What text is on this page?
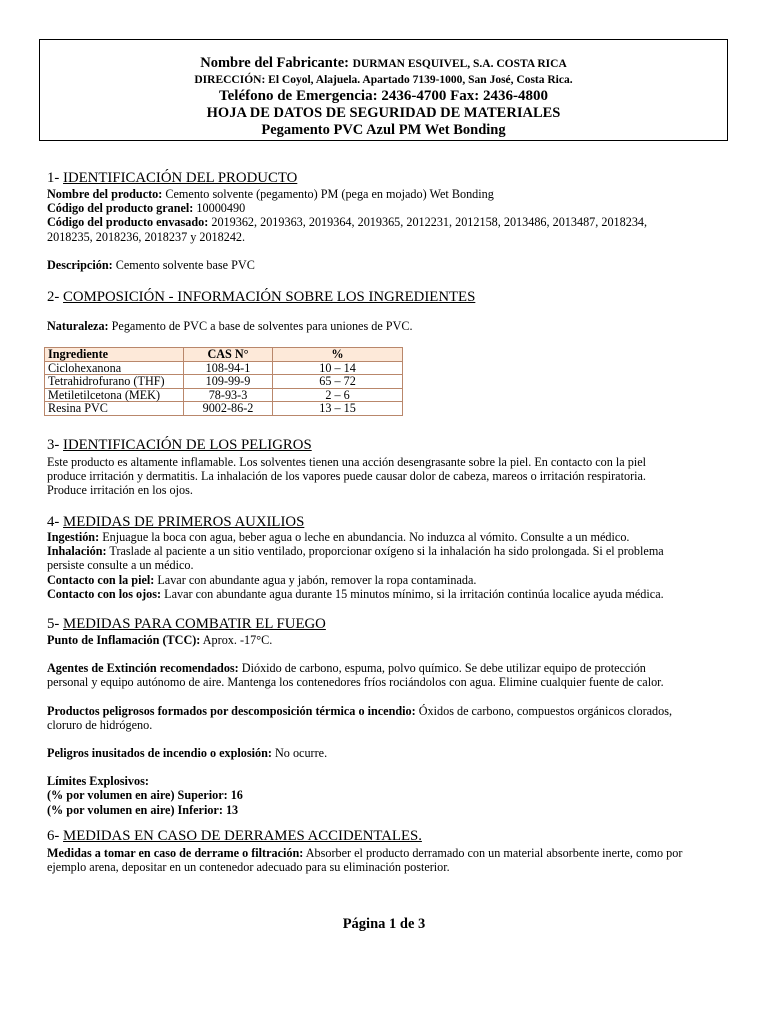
Nombre del Fabricante: DURMAN ESQUIVEL, S.A. COSTA RICA
DIRECCIÓN: El Coyol, Alajuela. Apartado 7139-1000, San José, Costa Rica.
Teléfono de Emergencia: 2436-4700 Fax: 2436-4800
HOJA DE DATOS DE SEGURIDAD DE MATERIALES
Pegamento PVC Azul PM Wet Bonding
1- IDENTIFICACIÓN DEL PRODUCTO
Nombre del producto: Cemento solvente (pegamento) PM (pega en mojado) Wet Bonding
Código del producto granel: 10000490
Código del producto envasado: 2019362, 2019363, 2019364, 2019365, 2012231, 2012158, 2013486, 2013487, 2018234,
2018235, 2018236, 2018237 y 2018242.
Descripción: Cemento solvente base PVC
2- COMPOSICIÓN - INFORMACIÓN SOBRE LOS INGREDIENTES
Naturaleza: Pegamento de PVC a base de solventes para uniones de PVC.
Ingrediente	CAS N°	%
Ciclohexanona	108-94-1	10 – 14
Tetrahidrofurano (THF)	109-99-9	65 – 72
Metiletilcetona (MEK)	78-93-3	2 – 6
Resina PVC	9002-86-2	13 – 15
3- IDENTIFICACIÓN DE LOS PELIGROS
Este producto es altamente inflamable. Los solventes tienen una acción desengrasante sobre la piel. En contacto con la piel
produce irritación y dermatitis. La inhalación de los vapores puede causar dolor de cabeza, mareos o irritación respiratoria.
Produce irritación en los ojos.
4- MEDIDAS DE PRIMEROS AUXILIOS
Ingestión: Enjuague la boca con agua, beber agua o leche en abundancia. No induzca al vómito. Consulte a un médico.
Inhalación: Traslade al paciente a un sitio ventilado, proporcionar oxígeno si la inhalación ha sido prolongada. Si el problema
persiste consulte a un médico.
Contacto con la piel: Lavar con abundante agua y jabón, remover la ropa contaminada.
Contacto con los ojos: Lavar con abundante agua durante 15 minutos mínimo, si la irritación continúa localice ayuda médica.
5- MEDIDAS PARA COMBATIR EL FUEGO
Punto de Inflamación (TCC): Aprox. -17°C.
Agentes de Extinción recomendados: Dióxido de carbono, espuma, polvo químico. Se debe utilizar equipo de protección
personal y equipo autónomo de aire. Mantenga los contenedores fríos rociándolos con agua. Elimine cualquier fuente de calor.
Productos peligrosos formados por descomposición térmica o incendio: Óxidos de carbono, compuestos orgánicos clorados,
cloruro de hidrógeno.
Peligros inusitados de incendio o explosión: No ocurre.
Límites Explosivos:
(% por volumen en aire) Superior: 16
(% por volumen en aire) Inferior: 13
6- MEDIDAS EN CASO DE DERRAMES ACCIDENTALES.
Medidas a tomar en caso de derrame o filtración: Absorber el producto derramado con un material absorbente inerte, como por
ejemplo arena, depositar en un contenedor adecuado para su eliminación posterior.
Página 1 de 3
